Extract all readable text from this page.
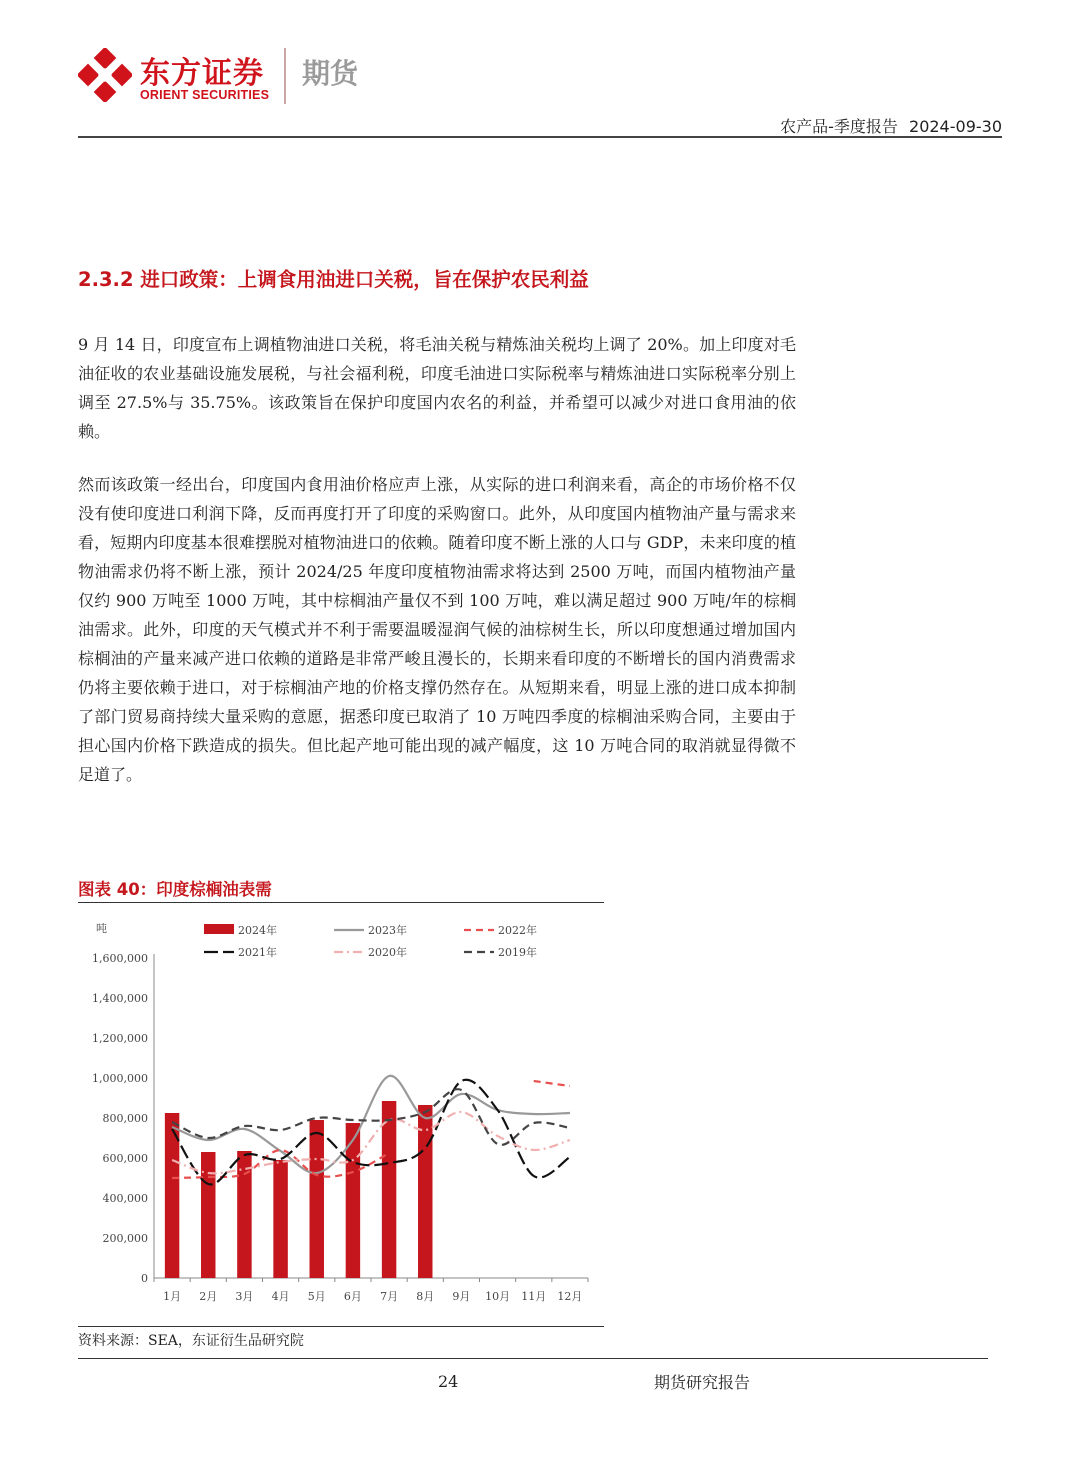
东方证券
ORIENT SECURITIES
期货
农产品-季度报告 2024-09-30
2.3.2 进口政策：上调食用油进口关税，旨在保护农民利益

9 月 14 日，印度宣布上调植物油进口关税，将毛油关税与精炼油关税均上调了 20%。加上印度对毛油征收的农业基础设施发展税，与社会福利税，印度毛油进口实际税率与精炼油进口实际税率分别上调至 27.5%与 35.75%。该政策旨在保护印度国内农名的利益，并希望可以减少对进口食用油的依赖。

然而该政策一经出台，印度国内食用油价格应声上涨，从实际的进口利润来看，高企的市场价格不仅没有使印度进口利润下降，反而再度打开了印度的采购窗口。此外，从印度国内植物油产量与需求来看，短期内印度基本很难摆脱对植物油进口的依赖。随着印度不断上涨的人口与 GDP，未来印度的植物油需求仍将不断上涨，预计 2024/25 年度印度植物油需求将达到 2500 万吨，而国内植物油产量仅约 900 万吨至 1000 万吨，其中棕榈油产量仅不到 100 万吨，难以满足超过 900 万吨/年的棕榈油需求。此外，印度的天气模式并不利于需要温暖湿润气候的油棕树生长，所以印度想通过增加国内棕榈油的产量来减产进口依赖的道路是非常严峻且漫长的，长期来看印度的不断增长的国内消费需求仍将主要依赖于进口，对于棕榈油产地的价格支撑仍然存在。从短期来看，明显上涨的进口成本抑制了部门贸易商持续大量采购的意愿，据悉印度已取消了 10 万吨四季度的棕榈油采购合同，主要由于担心国内价格下跌造成的损失。但比起产地可能出现的减产幅度，这 10 万吨合同的取消就显得微不足道了。

图表 40：印度棕榈油表需
吨
0
200,000
400,000
600,000
800,000
1,000,000
1,200,000
1,400,000
1,600,000
1月 2月 3月 4月 5月 6月 7月 8月 9月 10月 11月 12月
2024年	2023年	2022年
2021年	2020年	2019年
资料来源：SEA，东证衍生品研究院
24	期货研究报告
